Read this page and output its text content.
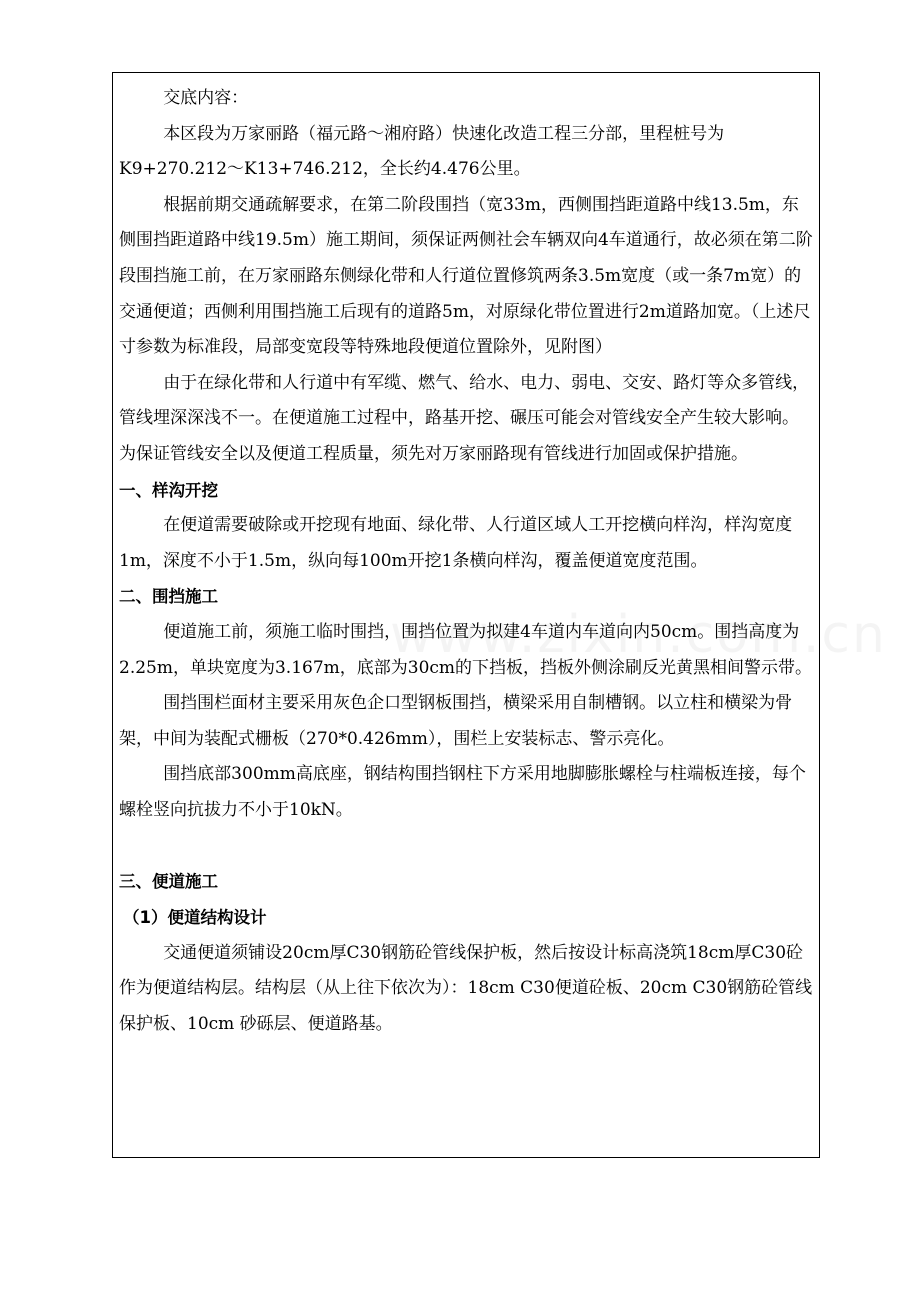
交底内容：

本区段为万家丽路（福元路～湘府路）快速化改造工程三分部，里程桩号为K9+270.212～K13+746.212，全长约4.476公里。

根据前期交通疏解要求，在第二阶段围挡（宽33m，西侧围挡距道路中线13.5m，东侧围挡距道路中线19.5m）施工期间，须保证两侧社会车辆双向4车道通行，故必须在第二阶段围挡施工前，在万家丽路东侧绿化带和人行道位置修筑两条3.5m宽度（或一条7m宽）的交通便道；西侧利用围挡施工后现有的道路5m，对原绿化带位置进行2m道路加宽。（上述尺寸参数为标准段，局部变宽段等特殊地段便道位置除外，见附图）

由于在绿化带和人行道中有军缆、燃气、给水、电力、弱电、交安、路灯等众多管线，管线埋深深浅不一。在便道施工过程中，路基开挖、碾压可能会对管线安全产生较大影响。为保证管线安全以及便道工程质量，须先对万家丽路现有管线进行加固或保护措施。

一、样沟开挖

在便道需要破除或开挖现有地面、绿化带、人行道区域人工开挖横向样沟，样沟宽度1m，深度不小于1.5m，纵向每100m开挖1条横向样沟，覆盖便道宽度范围。

二、围挡施工

便道施工前，须施工临时围挡，围挡位置为拟建4车道内车道向内50cm。围挡高度为2.25m，单块宽度为3.167m，底部为30cm的下挡板，挡板外侧涂刷反光黄黑相间警示带。

围挡围栏面材主要采用灰色企口型钢板围挡，横梁采用自制槽钢。以立柱和横梁为骨架，中间为装配式栅板（270*0.426mm），围栏上安装标志、警示亮化。

围挡底部300mm高底座，钢结构围挡钢柱下方采用地脚膨胀螺栓与柱端板连接，每个螺栓竖向抗拔力不小于10kN。

三、便道施工

（1）便道结构设计

交通便道须铺设20cm厚C30钢筋砼管线保护板，然后按设计标高浇筑18cm厚C30砼作为便道结构层。结构层（从上往下依次为）：18cm C30便道砼板、20cm C30钢筋砼管线保护板、10cm 砂砾层、便道路基。
